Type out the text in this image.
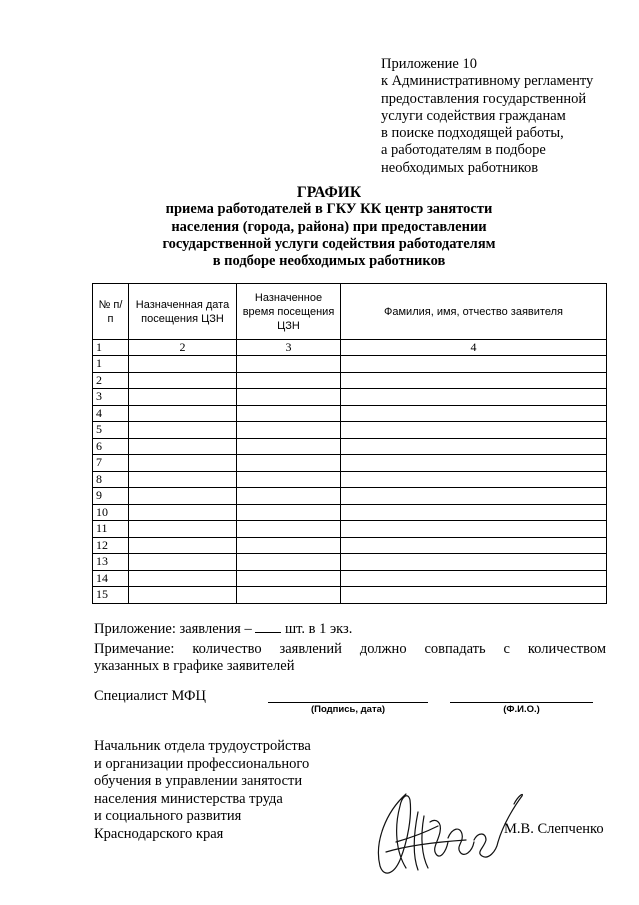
Приложение 10
к Административному регламенту
предоставления государственной
услуги содействия гражданам
в поиске подходящей работы,
а работодателям в подборе
необходимых работников
ГРАФИК
приема работодателей в ГКУ КК центр занятости
населения (города, района) при предоставлении
государственной услуги содействия работодателям
в подборе необходимых работников
№ п/п	Назначенная дата посещения ЦЗН	Назначенное время посещения ЦЗН	Фамилия, имя, отчество заявителя
1	2	3	4
1			
2			
3			
4			
5			
6			
7			
8			
9			
10			
11			
12			
13			
14			
15			
Приложение: заявления – шт. в 1 экз.
Примечание: количество заявлений должно совпадать с количеством
указанных в графике заявителей
Специалист МФЦ
(Подпись, дата)	(Ф.И.О.)
Начальник отдела трудоустройства
и организации профессионального
обучения в управлении занятости
населения министерства труда
и социального развития
Краснодарского края	М.В. Слепченко
